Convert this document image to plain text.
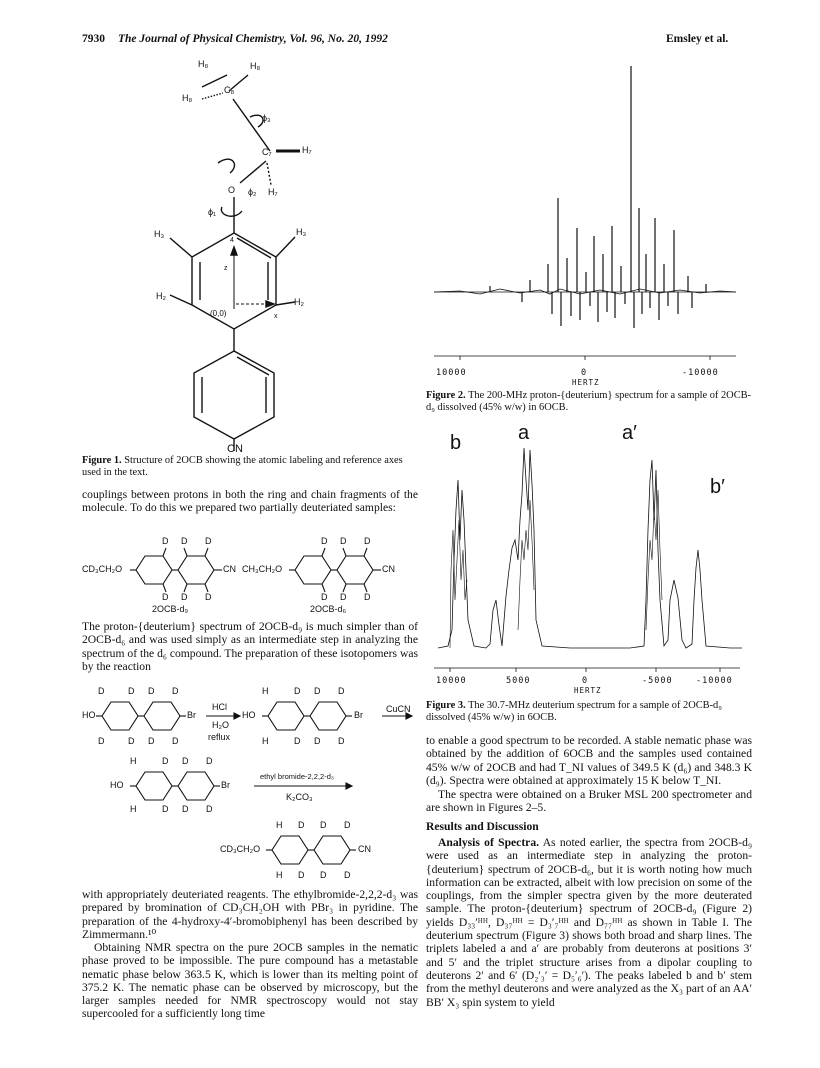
7930 The Journal of Physical Chemistry, Vol. 96, No. 20, 1992	Emsley et al.
H₈	H₈
H₈
C₈
ϕ₃
C₇	H₇
H₇
O ϕ₂
ϕ₁
H₃	H₃
4
z
H₂
H₂
(0,0)	x
CN
Figure 1. Structure of 2OCB showing the atomic labeling and reference axes used in the text.
couplings between protons in both the ring and chain fragments of the molecule. To do this we prepared two partially deuteriated samples:
CD₃CH₂O	CN
D D D
D D D
CH₃CH₂O	CN
D D D
D D D
2OCB-d₉	2OCB-d₆
The proton-{deuterium} spectrum of 2OCB-d₉ is much simpler than of 2OCB-d₆ and was used simply as an intermediate step in analyzing the spectrum of the d₆ compound. The preparation of these isotopomers was by the reaction
HO	Br
D	D D D
D	D D D
HCl
H₂O
reflux
HO	Br
H	D D D
H	D D D
CuCN
HO	Br
H	D D D
H	D D D
ethyl bromide-2,2,2-d₃
K₂CO₃
CD₃CH₂O	CN
H D D D
H D D D
with appropriately deuteriated reagents. The ethylbromide-2,2,2-d₃ was prepared by bromination of CD₃CH₂OH with PBr₃ in pyridine. The preparation of the 4-hydroxy-4′-bromobiphenyl has been described by Zimmermann.¹⁰
Obtaining NMR spectra on the pure 2OCB samples in the nematic phase proved to be impossible. The pure compound has a metastable nematic phase below 363.5 K, which is lower than its melting point of 375.2 K. The nematic phase can be observed by microscopy, but the larger samples needed for NMR spectroscopy would not stay supercooled for a sufficiently long time
10000	0	-10000
HERTZ
Figure 2. The 200-MHz proton-{deuterium} spectrum for a sample of 2OCB-d₉ dissolved (45% w/w) in 6OCB.
b	a	a′
b′
10000	5000	0	-5000	-10000
HERTZ
Figure 3. The 30.7-MHz deuterium spectrum for a sample of 2OCB-d₉ dissolved (45% w/w) in 6OCB.
to enable a good spectrum to be recorded. A stable nematic phase was obtained by the addition of 6OCB and the samples used contained 45% w/w of 2OCB and had T_NI values of 349.5 K (d₆) and 348.3 K (d₉). Spectra were obtained at approximately 15 K below T_NI.
The spectra were obtained on a Bruker MSL 200 spectrometer and are shown in Figures 2–5.
Results and Discussion
Analysis of Spectra. As noted earlier, the spectra from 2OCB-d₉ were used as an intermediate step in analyzing the proton-{deuterium} spectrum of 2OCB-d₆, but it is worth noting how much information can be extracted, albeit with low precision on some of the couplings, from the simpler spectra given by the more deuterated sample. The proton-{deuterium} spectrum of 2OCB-d₉ (Figure 2) yields D₃₃′ᴴᴴ, D₃₇ᴴᴴ = D₃′₇ᴴᴴ and D₇₇ᴴᴴ as shown in Table I. The deuterium spectrum (Figure 3) shows both broad and sharp lines. The triplets labeled a and a′ are probably from deuterons at positions 3′ and 5′ and the triplet structure arises from a dipolar coupling to deuterons 2′ and 6′ (D₂′₃′ = D₅′₆′). The peaks labeled b and b′ stem from the methyl deuterons and were analyzed as the X₃ part of an AA′ BB′ X₃ spin system to yield
